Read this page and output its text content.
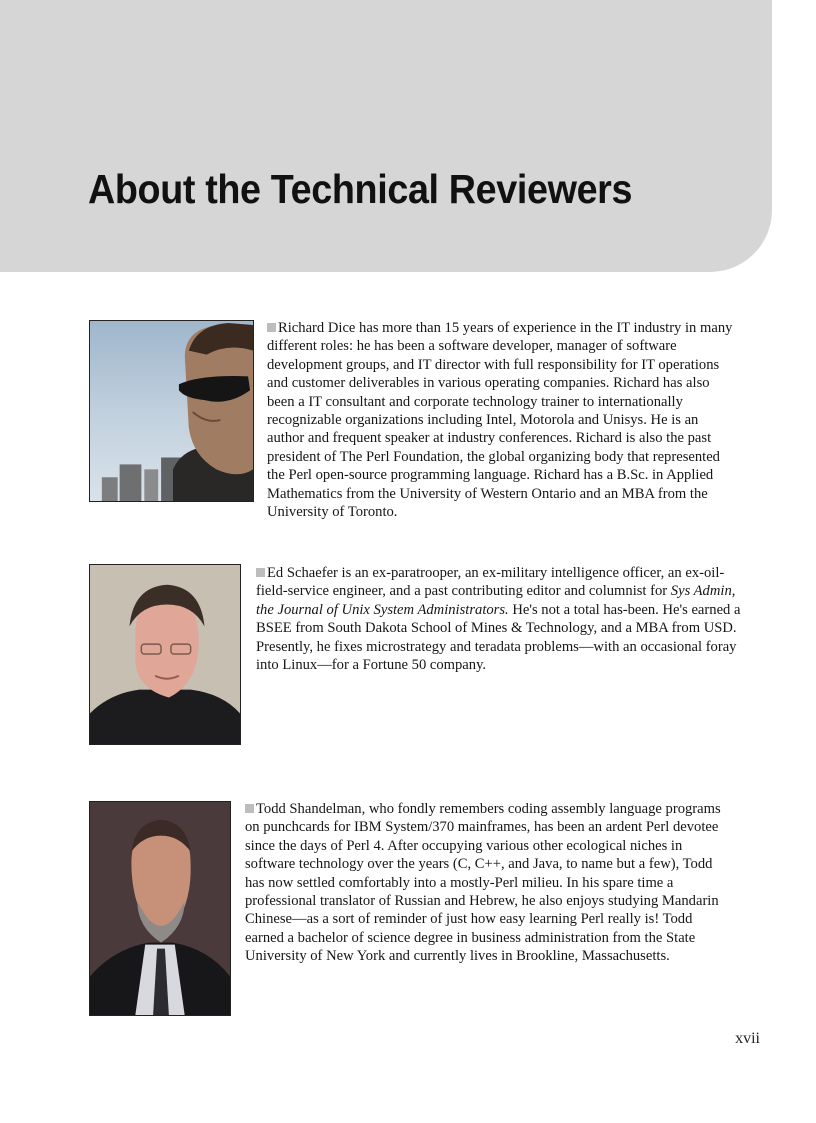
About the Technical Reviewers

Richard Dice has more than 15 years of experience in the IT industry in many different roles: he has been a software developer, manager of software development groups, and IT director with full responsibility for IT operations and customer deliverables in various operating companies. Richard has also been a IT consultant and corporate technology trainer to internationally recognizable organizations including Intel, Motorola and Unisys. He is an author and frequent speaker at industry conferences. Richard is also the past president of The Perl Foundation, the global organizing body that represented the Perl open-source programming language. Richard has a B.Sc. in Applied Mathematics from the University of Western Ontario and an MBA from the University of Toronto.

Ed Schaefer is an ex-paratrooper, an ex-military intelligence officer, an ex-oil-field-service engineer, and a past contributing editor and columnist for Sys Admin, the Journal of Unix System Administrators. He's not a total has-been. He's earned a BSEE from South Dakota School of Mines & Technology, and a MBA from USD. Presently, he fixes microstrategy and teradata problems—with an occasional foray into Linux—for a Fortune 50 company.

Todd Shandelman, who fondly remembers coding assembly language programs on punchcards for IBM System/370 mainframes, has been an ardent Perl devotee since the days of Perl 4. After occupying various other ecological niches in software technology over the years (C, C++, and Java, to name but a few), Todd has now settled comfortably into a mostly-Perl milieu. In his spare time a professional translator of Russian and Hebrew, he also enjoys studying Mandarin Chinese—as a sort of reminder of just how easy learning Perl really is! Todd earned a bachelor of science degree in business administration from the State University of New York and currently lives in Brookline, Massachusetts.

xvii
